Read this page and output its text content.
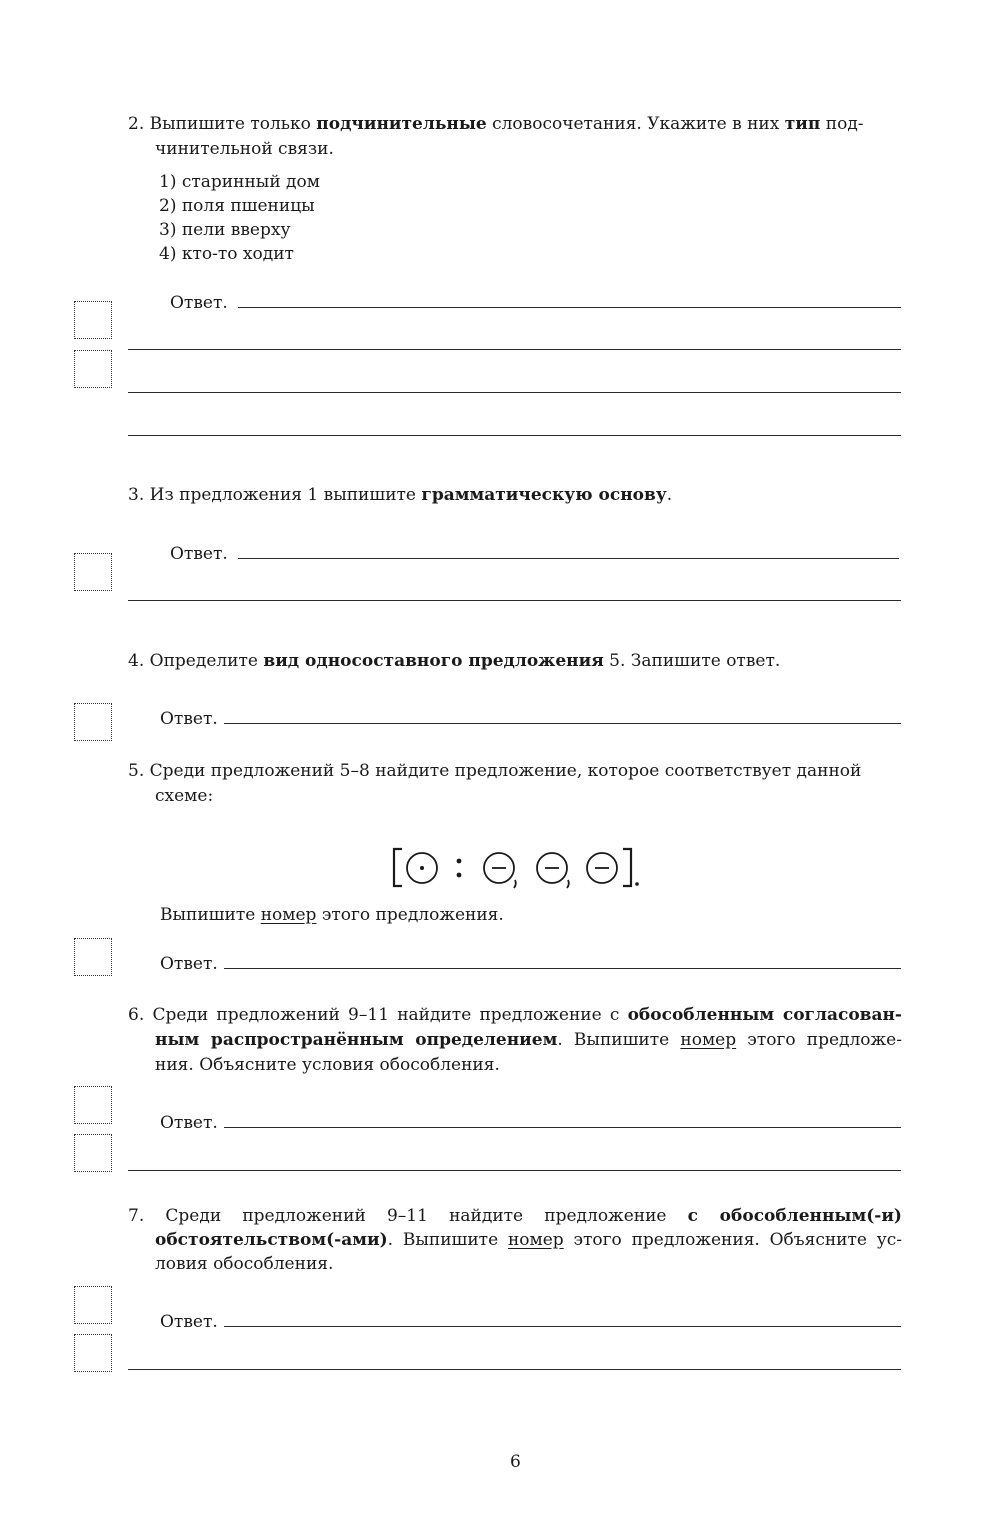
2. Выпишите только подчинительные словосочетания. Укажите в них тип под-
чинительной связи.
1) старинный дом
2) поля пшеницы
3) пели вверху
4) кто-то ходит
Ответ.
3. Из предложения 1 выпишите грамматическую основу.
Ответ.
4. Определите вид односоставного предложения 5. Запишите ответ.
Ответ.
5. Среди предложений 5–8 найдите предложение, которое соответствует данной
схеме:
Выпишите номер этого предложения.
Ответ.
6. Среди предложений 9–11 найдите предложение с обособленным согласован-
ным распространённым определением. Выпишите номер этого предложе-
ния. Объясните условия обособления.
Ответ.
7. Среди предложений 9–11 найдите предложение с обособленным(-и)
обстоятельством(-ами). Выпишите номер этого предложения. Объясните ус-
ловия обособления.
Ответ.
6
